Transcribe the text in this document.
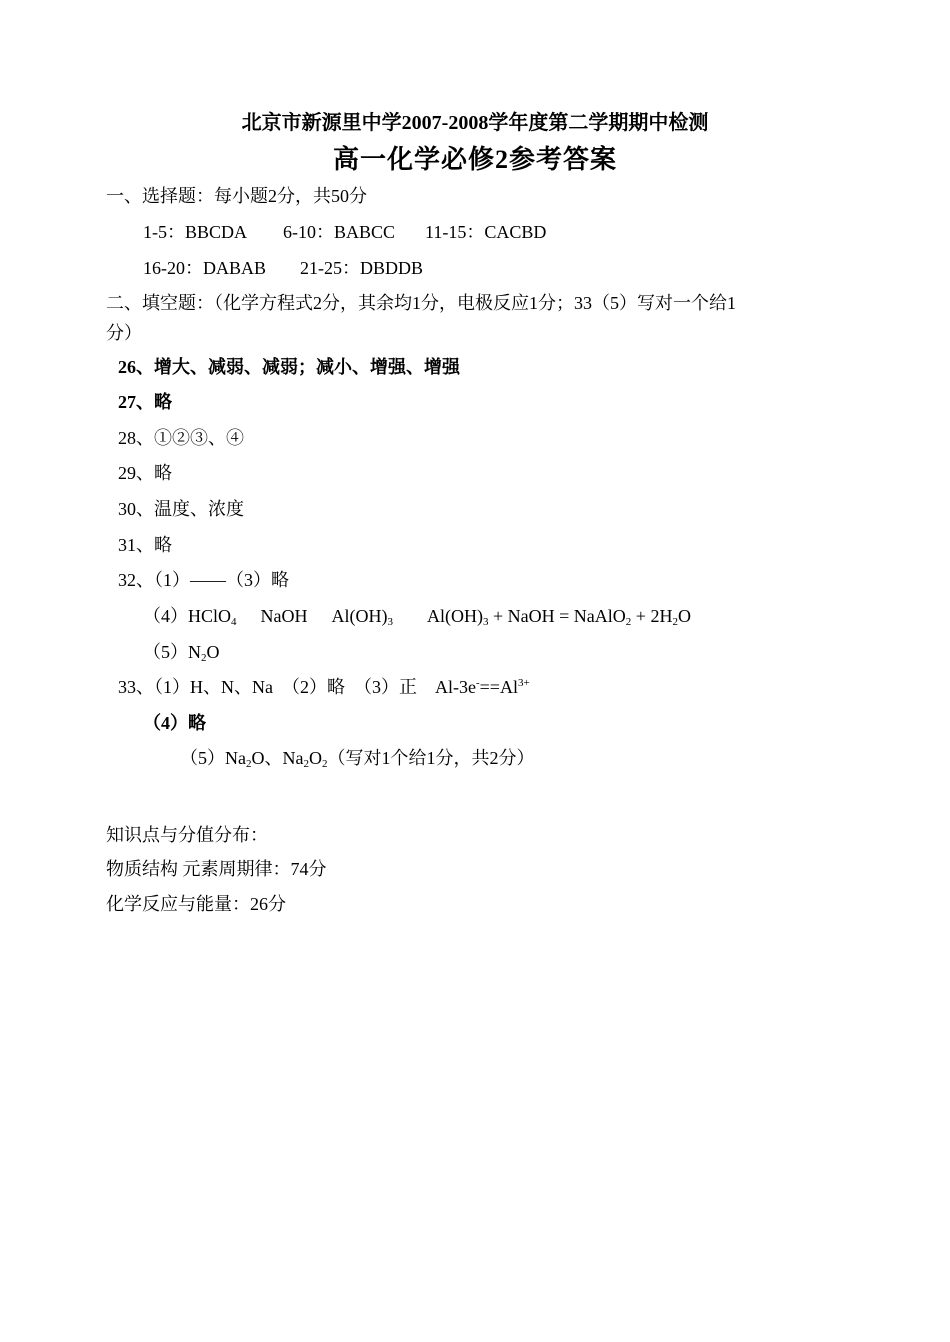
北京市新源里中学2007-2008学年度第二学期期中检测
高一化学必修2参考答案
一、选择题：每小题2分，共50分
1-5：BBCDA 6-10：BABCC 11-15：CACBD
16-20：DABAB 21-25：DBDDB
二、填空题：（化学方程式2分，其余均1分，电极反应1分；33（5）写对一个给1
分）
26、增大、减弱、减弱；减小、增强、增强
27、略
28、①②③、④
29、略
30、温度、浓度
31、略
32、（1）——（3）略
（4）HClO$_4$ NaOH $Al(OH)_3$ $Al(OH)_3$ + NaOH = NaAlO$_2$ + $2H_2O$
$(5)N_2O$
33、（1）H、N、Na　（2）略　（3）正 $Al-3e^-==Al^{3+}$
（4）略
$(5)Na_2O$、$Na_2O_2$（写对1个给1分，共2分）
知识点与分值分布：
物质结构 元素周期律：74分
化学反应与能量：26分
